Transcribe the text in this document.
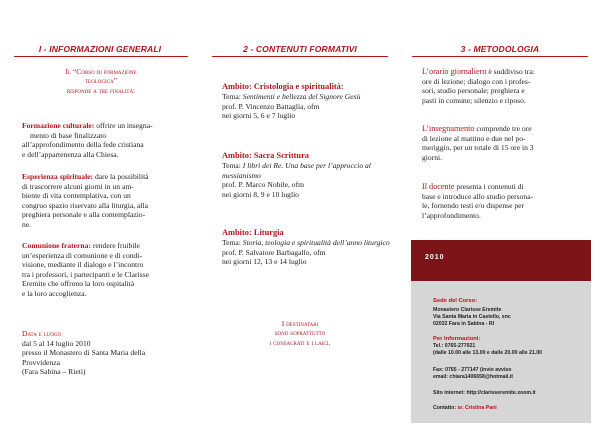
I - INFORMAZIONI GENERALI
Il “Corso di formazione
teologica”
risponde a tre finalità:
Formazione culturale: offrire un insegna-
mento di base finalizzato
all’approfondimento della fede cristiana
e dell’appartenenza alla Chiesa.
Esperienza spirituale: dare la possibilità
di trascorrere alcuni giorni in un am-
biente di vita contemplativa, con un
congruo spazio riservato alla liturgia, alla
preghiera personale e alla contemplazio-
ne.
Comunione fraterna: rendere fruibile
un’esperienza di comunione e di condi-
visione, mediante il dialogo e l’incontro
tra i professori, i partecipanti e le Clarisse
Eremite che offrono la loro ospitalità
e la loro accoglienza.
Data e luogo
dal 5 al 14 luglio 2010
presso il Monastero di Santa Maria della
Provvidenza
(Fara Sabina – Rieti)
2 - CONTENUTI FORMATIVI
Ambito: Cristologia e spiritualità:
Tema: Sentimenti e bellezza del Signore Gesù
prof. P. Vincenzo Battaglia, ofm
nei giorni 5, 6 e 7 luglio
Ambito: Sacra Scrittura
Tema: I libri dei Re. Una base per l’approccio al messianismo
prof. P. Marco Nobile, ofm
nei giorni 8, 9 e 10 luglio
Ambito: Liturgia
Tema: Storia, teologia e spiritualità dell’anno liturgico
prof. P. Salvatore Barbagallo, ofm
nei giorni 12, 13 e 14 luglio
I destinatari
sono soprattutto
i consacrati e i laici.
3 - METODOLOGIA
L’orario giornaliero è suddiviso tra:
ore di lezione; dialogo con i profes-
sori, studio personale; preghiera e
pasti in comune; silenzio e riposo.
L’insegnamento comprende tre ore
di lezione al mattino e due nel po-
meriggio, per un totale di 15 ore in 3
giorni.
Il docente presenta i contenuti di
base e introduce allo studio persona-
le, fornendo testi e/o dispense per
l’approfondimento.
2010
Sede del Corso:
Monastero Clarisse Eremite
Via Santa Maria in Castello, snc
02032 Fara in Sabina - RI
Per Informazioni:
Tel.: 0765-277021
(dalle 10.00 alle 13.00 e dalle 20.00 alle 21.00
Fax: 0765 - 277147 (invio avviso
email: chiara1406658@hotmail.it
Sito internet: http://clarisseremite.xoom.it
Contatto: sr. Cristina Pani
